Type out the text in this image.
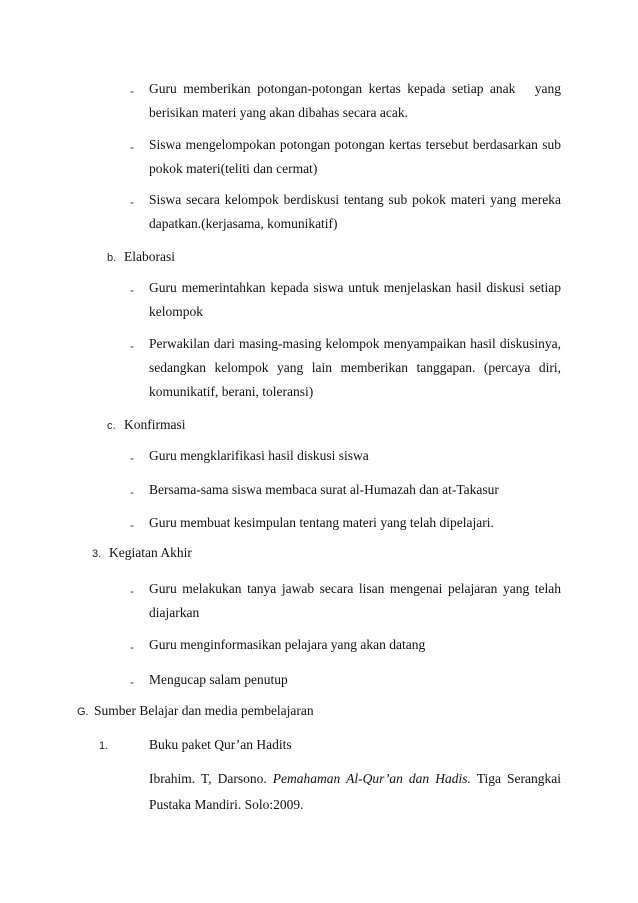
- Guru memberikan potongan-potongan kertas kepada setiap anak   yang berisikan materi yang akan dibahas secara acak.
- Siswa mengelompokan potongan potongan kertas tersebut berdasarkan sub pokok materi(teliti dan cermat)
- Siswa secara kelompok berdiskusi tentang sub pokok materi yang mereka dapatkan.(kerjasama, komunikatif)
b. Elaborasi
- Guru memerintahkan kepada siswa untuk menjelaskan hasil diskusi setiap kelompok
- Perwakilan dari masing-masing kelompok menyampaikan hasil diskusinya, sedangkan kelompok yang lain memberikan tanggapan. (percaya diri, komunikatif, berani, toleransi)
c. Konfirmasi
- Guru mengklarifikasi hasil diskusi siswa
- Bersama-sama siswa membaca surat al-Humazah dan at-Takasur
- Guru membuat kesimpulan tentang materi yang telah dipelajari.
3. Kegiatan Akhir
- Guru melakukan tanya jawab secara lisan mengenai pelajaran yang telah diajarkan
- Guru menginformasikan pelajara yang akan datang
- Mengucap salam penutup
G. Sumber Belajar dan media pembelajaran
1.	Buku paket Qur’an Hadits
Ibrahim. T, Darsono. Pemahaman Al-Qur’an dan Hadis. Tiga Serangkai Pustaka Mandiri. Solo:2009.
